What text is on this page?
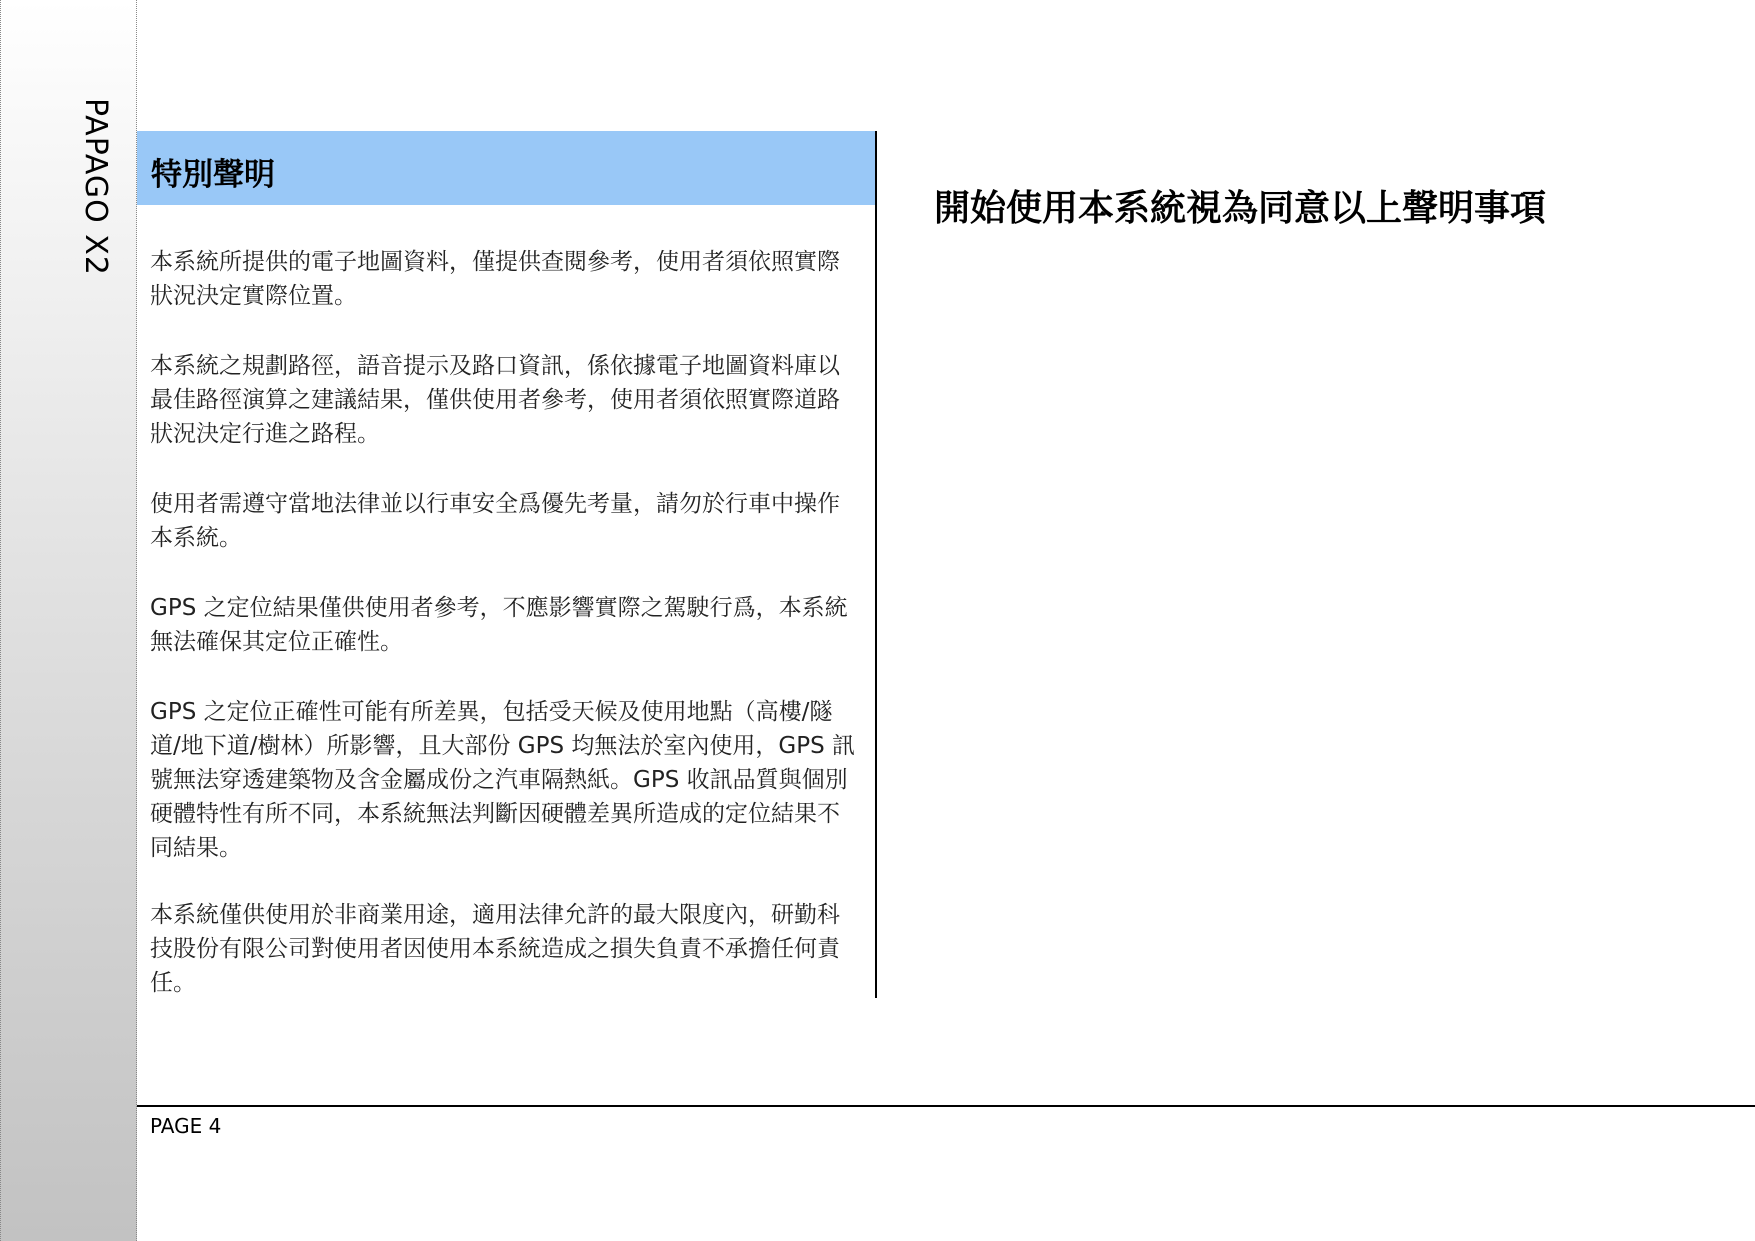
PAPAGO X2 特別聲明

本系統所提供的電子地圖資料，僅提供查閱參考，使用者須依照實際狀況決定實際位置。

本系統之規劃路徑，語音提示及路口資訊，係依據電子地圖資料庫以最佳路徑演算之建議結果，僅供使用者參考，使用者須依照實際道路狀況決定行進之路程。

使用者需遵守當地法律並以行車安全爲優先考量，請勿於行車中操作本系統。

GPS 之定位結果僅供使用者參考，不應影響實際之駕駛行爲，本系統無法確保其定位正確性。

GPS 之定位正確性可能有所差異，包括受天候及使用地點（高樓/隧道/地下道/樹林）所影響，且大部份 GPS 均無法於室內使用，GPS 訊號無法穿透建築物及含金屬成份之汽車隔熱紙。GPS 收訊品質與個別硬體特性有所不同，本系統無法判斷因硬體差異所造成的定位結果不同結果。

本系統僅供使用於非商業用途，適用法律允許的最大限度內，研勤科技股份有限公司對使用者因使用本系統造成之損失負責不承擔任何責任。

開始使用本系統視為同意以上聲明事項
PAGE 4
